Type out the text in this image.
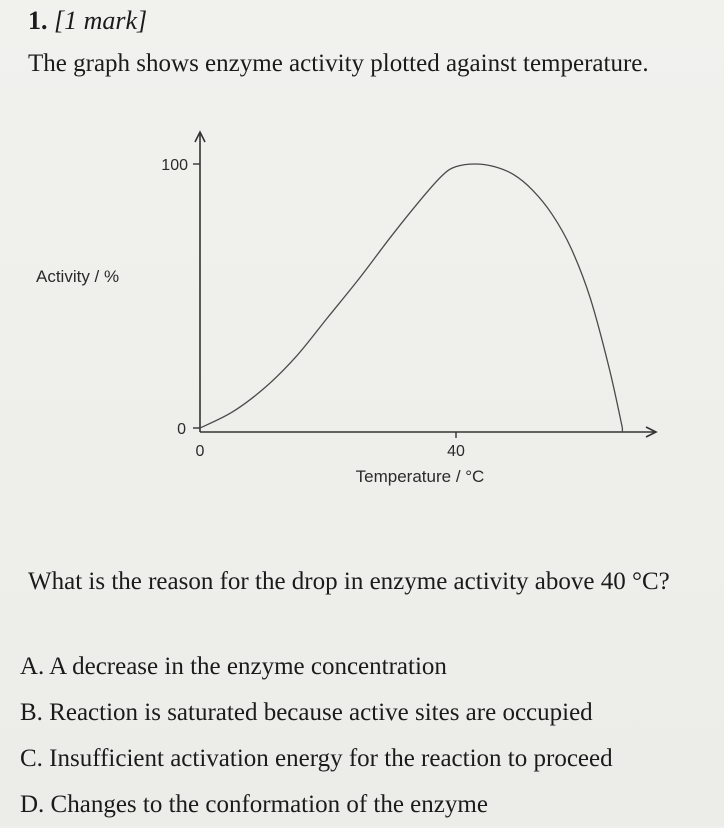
1. [1 mark]
The graph shows enzyme activity plotted against temperature.
100
0
0	40
Activity / %
Temperature / °C
What is the reason for the drop in enzyme activity above 40 °C?
A. A decrease in the enzyme concentration
B. Reaction is saturated because active sites are occupied
C. Insufficient activation energy for the reaction to proceed
D. Changes to the conformation of the enzyme
